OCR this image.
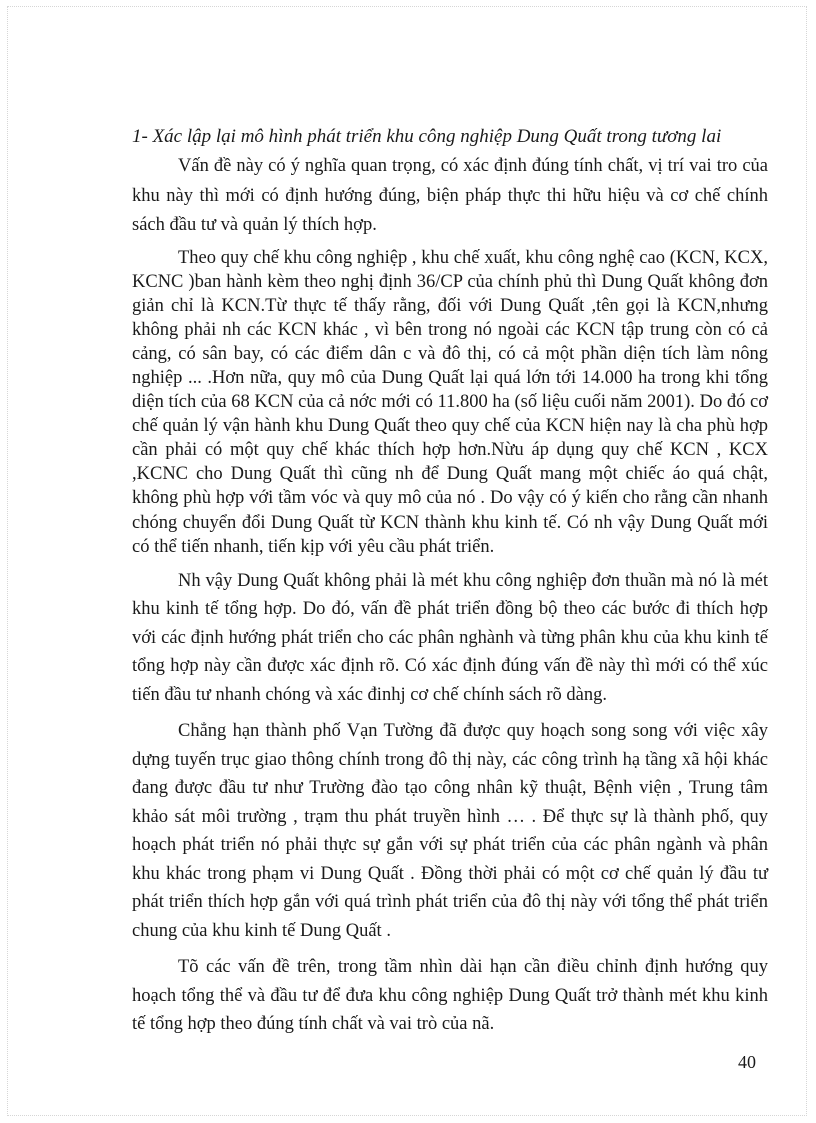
1- Xác lập lại mô hình phát triển khu công nghiệp Dung Quất trong tương lai

Vấn đề này có ý nghĩa quan trọng, có xác định đúng tính chất, vị trí vai tro của khu này thì mới có định hướng đúng, biện pháp thực thi hữu hiệu và cơ chế chính sách đầu tư và quản lý thích hợp.

Theo quy chế khu công nghiệp , khu chế xuất, khu công nghệ cao (KCN, KCX, KCNC )ban hành kèm theo nghị định 36/CP của chính phủ thì Dung Quất không đơn giản chỉ là KCN.Từ thực tế thấy rằng, đối với Dung Quất ,tên gọi là KCN,nhưng không phải nh các KCN khác , vì bên trong nó ngoài các KCN tập trung còn có cả cảng, có sân bay, có các điểm dân c và đô thị, có cả một phần diện tích làm nông nghiệp ... .Hơn nữa, quy mô của Dung Quất lại quá lớn tới 14.000 ha trong khi tổng diện tích của 68 KCN của cả nớc mới có 11.800 ha (số liệu cuối năm 2001). Do đó cơ chế quản lý vận hành khu Dung Quất theo quy chế của KCN hiện nay là cha phù hợp cần phải có một quy chế khác thích hợp hơn.Nừu áp dụng quy chế KCN , KCX ,KCNC cho Dung Quất thì cũng nh để Dung Quất mang một chiếc áo quá chật, không phù hợp với tầm vóc và quy mô của nó . Do vậy có ý kiến cho rằng cần nhanh chóng chuyển đổi Dung Quất từ KCN thành khu kinh tế. Có nh vậy Dung Quất mới có thể tiến nhanh, tiến kịp với yêu cầu phát triển.

Nh vậy Dung Quất không phải là mét khu công nghiệp đơn thuần mà nó là mét khu kinh tế tổng hợp. Do đó, vấn đề phát triển đồng bộ theo các bước đi thích hợp với các định hướng phát triển cho các phân nghành và từng phân khu của khu kinh tế tổng hợp này cần được xác định rõ. Có xác định đúng vấn đề này thì mới có thể xúc tiến đầu tư nhanh chóng và xác đinhj cơ chế chính sách rõ dàng.

Chẳng hạn thành phố Vạn Tường đã được quy hoạch song song với việc xây dựng tuyến trục giao thông chính trong đô thị này, các công trình hạ tầng xã hội khác đang được đầu tư như Trường đào tạo công nhân kỹ thuật, Bệnh viện , Trung tâm khảo sát môi trường , trạm thu phát truyền hình … . Để thực sự là thành phố, quy hoạch phát triển nó phải thực sự gắn với sự phát triển của các phân ngành và phân khu khác trong phạm vi Dung Quất . Đồng thời phải có một cơ chế quản lý đầu tư phát triển thích hợp gắn với quá trình phát triển của đô thị này với tổng thể phát triển chung của khu kinh tế Dung Quất .

Tõ các vấn đề trên, trong tầm nhìn dài hạn cần điều chỉnh định hướng quy hoạch tổng thể và đầu tư để đưa khu công nghiệp Dung Quất trở thành mét khu kinh tế tổng hợp theo đúng tính chất và vai trò của nã.

40
